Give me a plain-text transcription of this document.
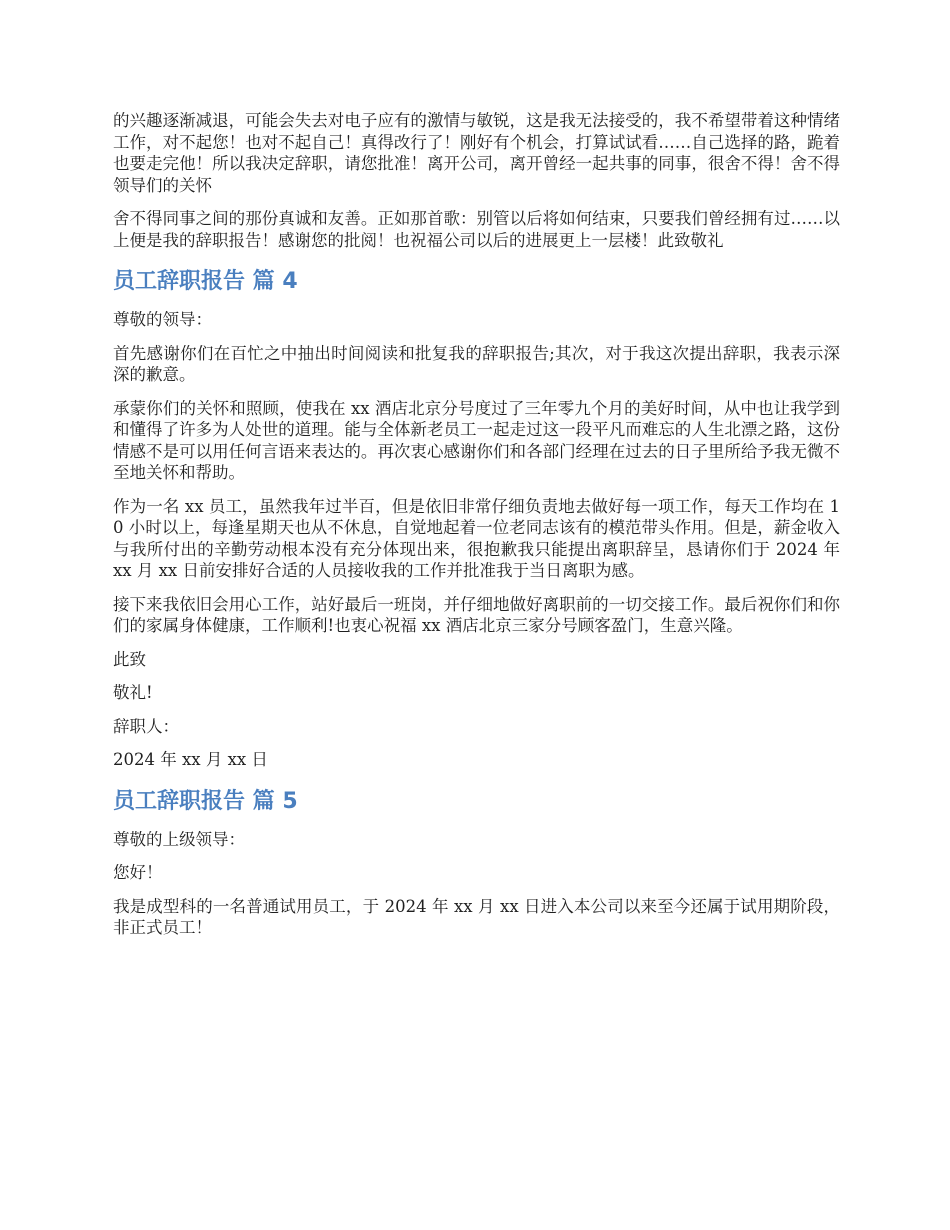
的兴趣逐渐减退，可能会失去对电子应有的激情与敏锐，这是我无法接受的，我不希望带着这种情绪工作，对不起您！也对不起自己！真得改行了！刚好有个机会，打算试试看……自己选择的路，跪着也要走完他！所以我决定辞职，请您批准！离开公司，离开曾经一起共事的同事，很舍不得！舍不得领导们的关怀

舍不得同事之间的那份真诚和友善。正如那首歌：别管以后将如何结束，只要我们曾经拥有过……以上便是我的辞职报告！感谢您的批阅！也祝福公司以后的进展更上一层楼！此致敬礼

员工辞职报告 篇 4

尊敬的领导：

首先感谢你们在百忙之中抽出时间阅读和批复我的辞职报告;其次，对于我这次提出辞职，我表示深深的歉意。

承蒙你们的关怀和照顾，使我在 xx 酒店北京分号度过了三年零九个月的美好时间，从中也让我学到和懂得了许多为人处世的道理。能与全体新老员工一起走过这一段平凡而难忘的人生北漂之路，这份情感不是可以用任何言语来表达的。再次衷心感谢你们和各部门经理在过去的日子里所给予我无微不至地关怀和帮助。

作为一名 xx 员工，虽然我年过半百，但是依旧非常仔细负责地去做好每一项工作，每天工作均在 10 小时以上，每逢星期天也从不休息，自觉地起着一位老同志该有的模范带头作用。但是，薪金收入与我所付出的辛勤劳动根本没有充分体现出来，很抱歉我只能提出离职辞呈，恳请你们于 2024 年 xx 月 xx 日前安排好合适的人员接收我的工作并批准我于当日离职为感。

接下来我依旧会用心工作，站好最后一班岗，并仔细地做好离职前的一切交接工作。最后祝你们和你们的家属身体健康，工作顺利!也衷心祝福 xx 酒店北京三家分号顾客盈门，生意兴隆。

此致

敬礼!

辞职人：

2024 年 xx 月 xx 日

员工辞职报告 篇 5

尊敬的上级领导：

您好！

我是成型科的一名普通试用员工，于 2024 年 xx 月 xx 日进入本公司以来至今还属于试用期阶段，非正式员工！
